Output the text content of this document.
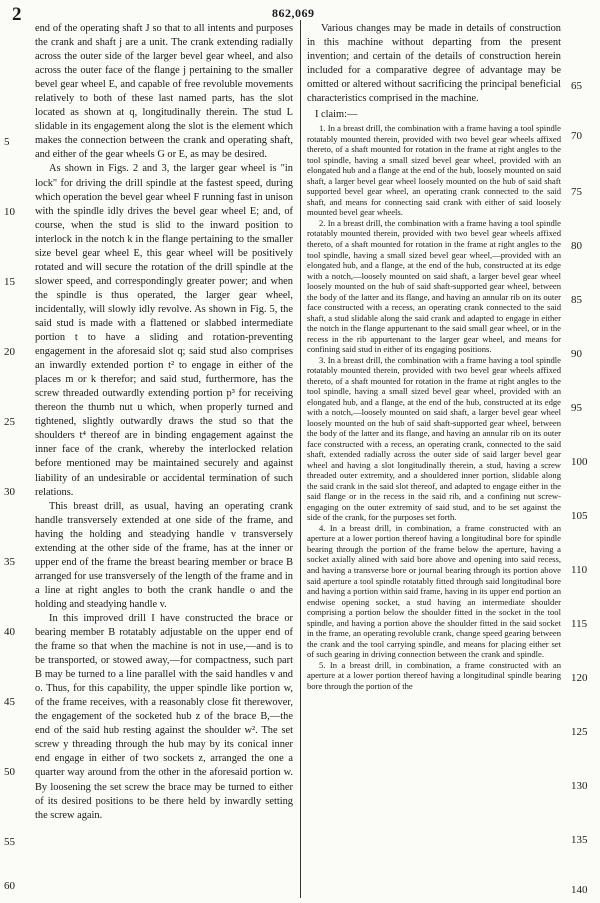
2	862,069

end of the operating shaft J so that to all intents and purposes the crank and shaft j are a unit. The crank extending radially across the outer side of the larger bevel gear wheel, and also across the outer face of the flange j pertaining to the smaller bevel gear wheel E, and capable of free revoluble movements relatively to both of these last named parts, has the slot located as shown at q, longitudinally therein. The stud L slidable in its engagement along the slot is the element which makes the connection between the crank and operating shaft, and either of the gear wheels G or E, as may be desired.

As shown in Figs. 2 and 3, the larger gear wheel is "in lock" for driving the drill spindle at the fastest speed, during which operation the bevel gear wheel F running fast in unison with the spindle idly drives the bevel gear wheel E; and, of course, when the stud is slid to the inward position to interlock in the notch k in the flange pertaining to the smaller size bevel gear wheel E, this gear wheel will be positively rotated and will secure the rotation of the drill spindle at the slower speed, and correspondingly greater power; and when the spindle is thus operated, the larger gear wheel, incidentally, will slowly idly revolve. As shown in Fig. 5, the said stud is made with a flattened or slabbed intermediate portion t to have a sliding and rotation-preventing engagement in the aforesaid slot q; said stud also comprises an inwardly extended portion t² to engage in either of the places m or k therefor; and said stud, furthermore, has the screw threaded outwardly extending portion p³ for receiving thereon the thumb nut u which, when properly turned and tightened, slightly outwardly draws the stud so that the shoulders t⁴ thereof are in binding engagement against the inner face of the crank, whereby the interlocked relation before mentioned may be maintained securely and against liability of an undesirable or accidental termination of such relations.

This breast drill, as usual, having an operating crank handle transversely extended at one side of the frame, and having the holding and steadying handle v transversely extending at the other side of the frame, has at the inner or upper end of the frame the breast bearing member or brace B arranged for use transversely of the length of the frame and in a line at right angles to both the crank handle o and the holding and steadying handle v.

In this improved drill I have constructed the brace or bearing member B rotatably adjustable on the upper end of the frame so that when the machine is not in use,—and is to be transported, or stowed away,—for compactness, such part B may be turned to a line parallel with the said handles v and o. Thus, for this capability, the upper spindle like portion w, of the frame receives, with a reasonably close fit therewover, the engagement of the socketed hub z of the brace B,—the end of the said hub resting against the shoulder w². The set screw y threading through the hub may by its conical inner end engage in either of two sockets z, arranged the one a quarter way around from the other in the aforesaid portion w. By loosening the set screw the brace may be turned to either of its desired positions to be there held by inwardly setting the screw again.

Various changes may be made in details of construction in this machine without departing from the present invention; and certain of the details of construction herein included for a comparative degree of advantage may be omitted or altered without sacrificing the principal beneficial characteristics comprised in the machine.

I claim:—

1. In a breast drill, the combination with a frame having a tool spindle rotatably mounted therein, provided with two bevel gear wheels affixed thereto, of a shaft mounted for rotation in the frame at right angles to the tool spindle, having a small sized bevel gear wheel, provided with an elongated hub and a flange at the end of the hub, loosely mounted on said shaft, a larger bevel gear wheel loosely mounted on the hub of said shaft supported bevel gear wheel, an operating crank connected to the said shaft, and means for connecting said crank with either of said loosely mounted bevel gear wheels.

2. In a breast drill, the combination with a frame having a tool spindle rotatably mounted therein, provided with two bevel gear wheels affixed thereto, of a shaft mounted for rotation in the frame at right angles to the tool spindle, having a small sized bevel gear wheel,—provided with an elongated hub, and a flange, at the end of the hub, constructed at its edge with a notch,—loosely mounted on said shaft, a larger bevel gear wheel loosely mounted on the hub of said shaft-supported gear wheel, between the body of the latter and its flange, and having an annular rib on its outer face constructed with a recess, an operating crank connected to the said shaft, a stud slidable along the said crank and adapted to engage in either the notch in the flange appurtenant to the said small gear wheel, or in the recess in the rib appurtenant to the larger gear wheel, and means for confining said stud in either of its engaging positions.

3. In a breast drill, the combination with a frame having a tool spindle rotatably mounted therein, provided with two bevel gear wheels affixed thereto, of a shaft mounted for rotation in the frame at right angles to the tool spindle, having a small sized bevel gear wheel, provided with an elongated hub, and a flange, at the end of the hub, constructed at its edge with a notch,—loosely mounted on said shaft, a larger bevel gear wheel loosely mounted on the hub of said shaft-supported gear wheel, between the body of the latter and its flange, and having an annular rib on its outer face constructed with a recess, an operating crank, connected to the said shaft, extended radially across the outer side of said larger bevel gear wheel and having a slot longitudinally therein, a stud, having a screw threaded outer extremity, and a shouldered inner portion, slidable along the said crank in the said slot thereof, and adapted to engage either in the said flange or in the recess in the said rib, and a confining nut screw-engaging on the outer extremity of said stud, and to be set against the side of the crank, for the purposes set forth.

4. In a breast drill, in combination, a frame constructed with an aperture at a lower portion thereof having a longitudinal bore for spindle bearing through the portion of the frame below the aperture, having a socket axially alined with said bore above and opening into said recess, and having a transverse bore or journal bearing through its portion above said aperture a tool spindle rotatably fitted through said longitudinal bore and having a portion within said frame, having in its upper end portion an endwise opening socket, a stud having an intermediate shoulder comprising a portion below the shoulder fitted in the socket in the tool spindle, and having a portion above the shoulder fitted in the said socket in the frame, an operating revoluble crank, change speed gearing between the crank and the tool carrying spindle, and means for placing either set of such gearing in driving connection between the crank and spindle.

5. In a breast drill, in combination, a frame constructed with an aperture at a lower portion thereof having a longitudinal spindle bearing bore through the portion of the

5
10
15
20
25
30
35
40
45
50
55
60
65
70
75
80
85
90
95
100
105
110
115
120
125
130
135
140
